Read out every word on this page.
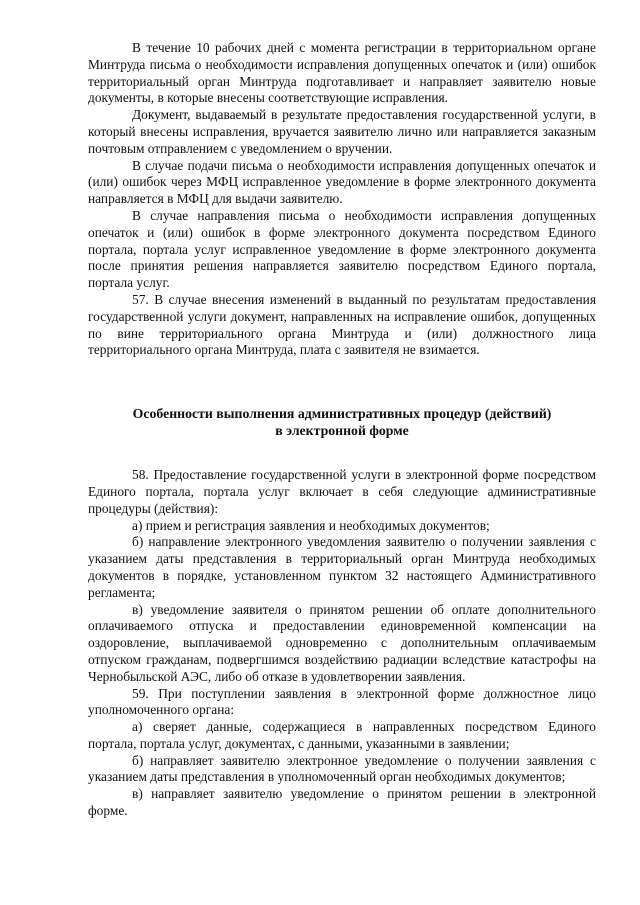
В течение 10 рабочих дней с момента регистрации в территориальном органе Минтруда письма о необходимости исправления допущенных опечаток и (или) ошибок территориальный орган Минтруда подготавливает и направляет заявителю новые документы, в которые внесены соответствующие исправления.

Документ, выдаваемый в результате предоставления государственной услуги, в который внесены исправления, вручается заявителю лично или направляется заказным почтовым отправлением с уведомлением о вручении.

В случае подачи письма о необходимости исправления допущенных опечаток и (или) ошибок через МФЦ исправленное уведомление в форме электронного документа направляется в МФЦ для выдачи заявителю.

В случае направления письма о необходимости исправления допущенных опечаток и (или) ошибок в форме электронного документа посредством Единого портала, портала услуг исправленное уведомление в форме электронного документа после принятия решения направляется заявителю посредством Единого портала, портала услуг.

57. В случае внесения изменений в выданный по результатам предоставления государственной услуги документ, направленных на исправление ошибок, допущенных по вине территориального органа Минтруда и (или) должностного лица территориального органа Минтруда, плата с заявителя не взимается.

Особенности выполнения административных процедур (действий)
в электронной форме

58. Предоставление государственной услуги в электронной форме посредством Единого портала, портала услуг включает в себя следующие административные процедуры (действия):

а) прием и регистрация заявления и необходимых документов;

б) направление электронного уведомления заявителю о получении заявления с указанием даты представления в территориальный орган Минтруда необходимых документов в порядке, установленном пунктом 32 настоящего Административного регламента;

в) уведомление заявителя о принятом решении об оплате дополнительного оплачиваемого отпуска и предоставлении единовременной компенсации на оздоровление, выплачиваемой одновременно с дополнительным оплачиваемым отпуском гражданам, подвергшимся воздействию радиации вследствие катастрофы на Чернобыльской АЭС, либо об отказе в удовлетворении заявления.

59. При поступлении заявления в электронной форме должностное лицо уполномоченного органа:

а) сверяет данные, содержащиеся в направленных посредством Единого портала, портала услуг, документах, с данными, указанными в заявлении;

б) направляет заявителю электронное уведомление о получении заявления с указанием даты представления в уполномоченный орган необходимых документов;

в) направляет заявителю уведомление о принятом решении в электронной форме.
